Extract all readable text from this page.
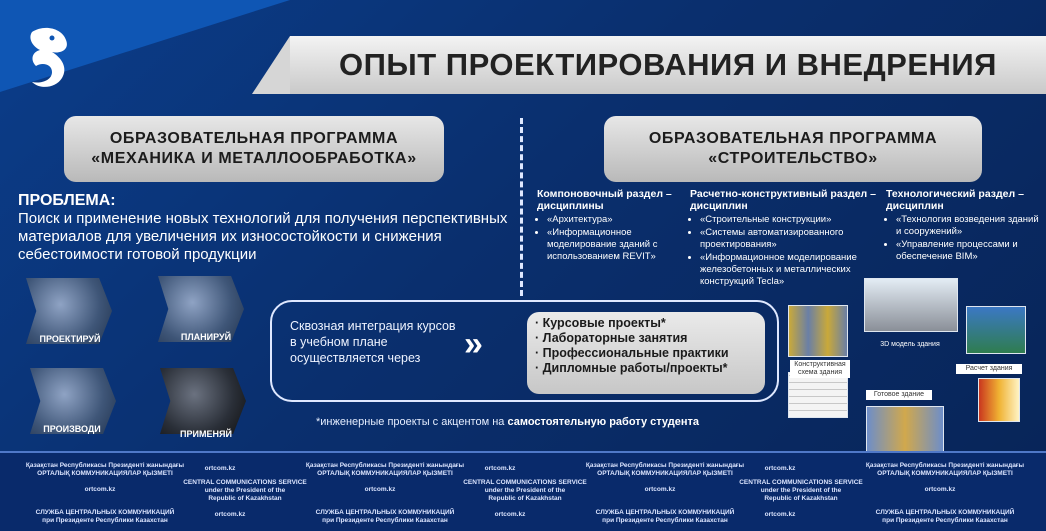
ОПЫТ ПРОЕКТИРОВАНИЯ И ВНЕДРЕНИЯ
ОБРАЗОВАТЕЛЬНАЯ ПРОГРАММА
«МЕХАНИКА И МЕТАЛЛООБРАБОТКА»
ОБРАЗОВАТЕЛЬНАЯ ПРОГРАММА
«СТРОИТЕЛЬСТВО»
ПРОБЛЕМА:
Поиск и применение новых технологий для получения перспективных материалов для увеличения их износостойкости и снижения себестоимости готовой продукции
ПРОЕКТИРУЙ	ПЛАНИРУЙ
ПРОИЗВОДИ	ПРИМЕНЯЙ
Компоновочный раздел – дисциплины
• «Архитектура»
• «Информационное моделирование зданий с использованием REVIT»
Расчетно-конструктивный раздел – дисциплин
• «Строительные конструкции»
• «Системы автоматизированного проектирования»
• «Информационное моделирование железобетонных и металлических конструкций Tecla»
Технологический раздел – дисциплин
• «Технология возведения зданий и сооружений»
• «Управление процессами и обеспечение BIM»
Сквозная интеграция курсов в учебном плане осуществляется через	»
· Курсовые проекты*
· Лабораторные занятия
· Профессиональные практики
· Дипломные работы/проекты*
*инженерные проекты с акцентом на самостоятельную работу студента
Конструктивная схема здания
3D модель здания
Готовое здание
Расчет здания
Қазақстан Республикасы Президенті жанындағы
ОРТАЛЫҚ КОММУНИКАЦИЯЛАР ҚЫЗМЕТІ
ortcom.kz	Қазақстан Республикасы Президенті жанындағы
ОРТАЛЫҚ КОММУНИКАЦИЯЛАР ҚЫЗМЕТІ
ortcom.kz	Қазақстан Республикасы Президенті жанындағы
ОРТАЛЫҚ КОММУНИКАЦИЯЛАР ҚЫЗМЕТІ
ortcom.kz	Қазақстан Республикасы Президенті жанындағы
ОРТАЛЫҚ КОММУНИКАЦИЯЛАР ҚЫЗМЕТІ
ortcom.kz
CENTRAL COMMUNICATIONS SERVICE
under the President of the
Republic of Kazakhstan
ortcom.kz
CENTRAL COMMUNICATIONS SERVICE
under the President of the
Republic of Kazakhstan
ortcom.kz
CENTRAL COMMUNICATIONS SERVICE
under the President of the
Republic of Kazakhstan
ortcom.kz
СЛУЖБА ЦЕНТРАЛЬНЫХ КОММУНИКАЦИЙ
при Президенте Республики Казахстан
ortcom.kz	СЛУЖБА ЦЕНТРАЛЬНЫХ КОММУНИКАЦИЙ
при Президенте Республики Казахстан
ortcom.kz	СЛУЖБА ЦЕНТРАЛЬНЫХ КОММУНИКАЦИЙ
при Президенте Республики Казахстан
ortcom.kz	СЛУЖБА ЦЕНТРАЛЬНЫХ КОММУНИКАЦИЙ
при Президенте Республики Казахстан
